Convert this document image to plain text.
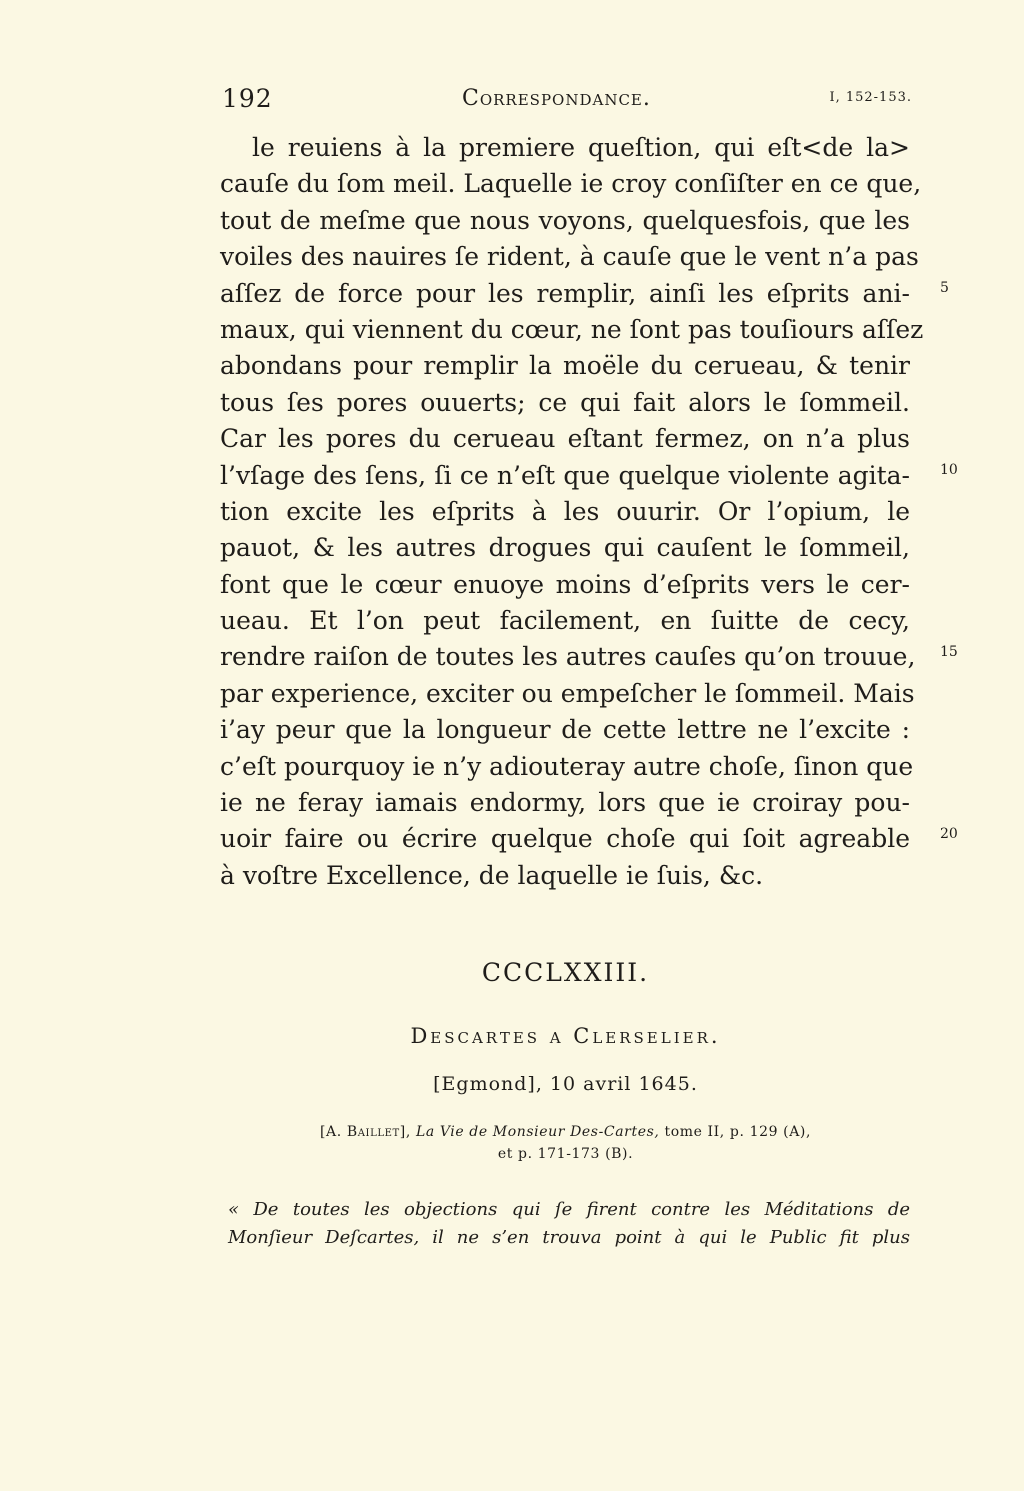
192	Correspondance.	I, 152-153.
le reuiens à la premiere queſtion, qui eſt<de la>
cauſe du ſom meil. Laquelle ie croy conſiſter en ce que,
tout de meſme que nous voyons, quelquesfois, que les
voiles des nauires ſe rident, à cauſe que le vent n’a pas
aſſez de force pour les remplir, ainſi les eſprits ani-
maux, qui viennent du cœur, ne ſont pas touſiours aſſez
abondans pour remplir la moële du cerueau, & tenir
tous ſes pores ouuerts; ce qui fait alors le ſommeil.
Car les pores du cerueau eſtant fermez, on n’a plus
l’vſage des ſens, ſi ce n’eſt que quelque violente agita-
tion excite les eſprits à les ouurir. Or l’opium, le
pauot, & les autres drogues qui cauſent le ſommeil,
font que le cœur enuoye moins d’eſprits vers le cer-
ueau. Et l’on peut facilement, en ſuitte de cecy,
rendre raiſon de toutes les autres cauſes qu’on trouue,
par experience, exciter ou empeſcher le ſommeil. Mais
i’ay peur que la longueur de cette lettre ne l’excite :
c’eſt pourquoy ie n’y adiouteray autre choſe, ſinon que
ie ne feray iamais endormy, lors que ie croiray pou-
uoir faire ou écrire quelque choſe qui ſoit agreable
à voſtre Excellence, de laquelle ie ſuis, &c.
5
10
15
20
CCCLXXIII.
Descartes a Clerselier.
[Egmond], 10 avril 1645.
[A. Baillet], La Vie de Monsieur Des-Cartes, tome II, p. 129 (A),
et p. 171-173 (B).
« De toutes les objections qui ſe firent contre les Méditations de
Monſieur Deſcartes, il ne s’en trouva point à qui le Public fit plus
